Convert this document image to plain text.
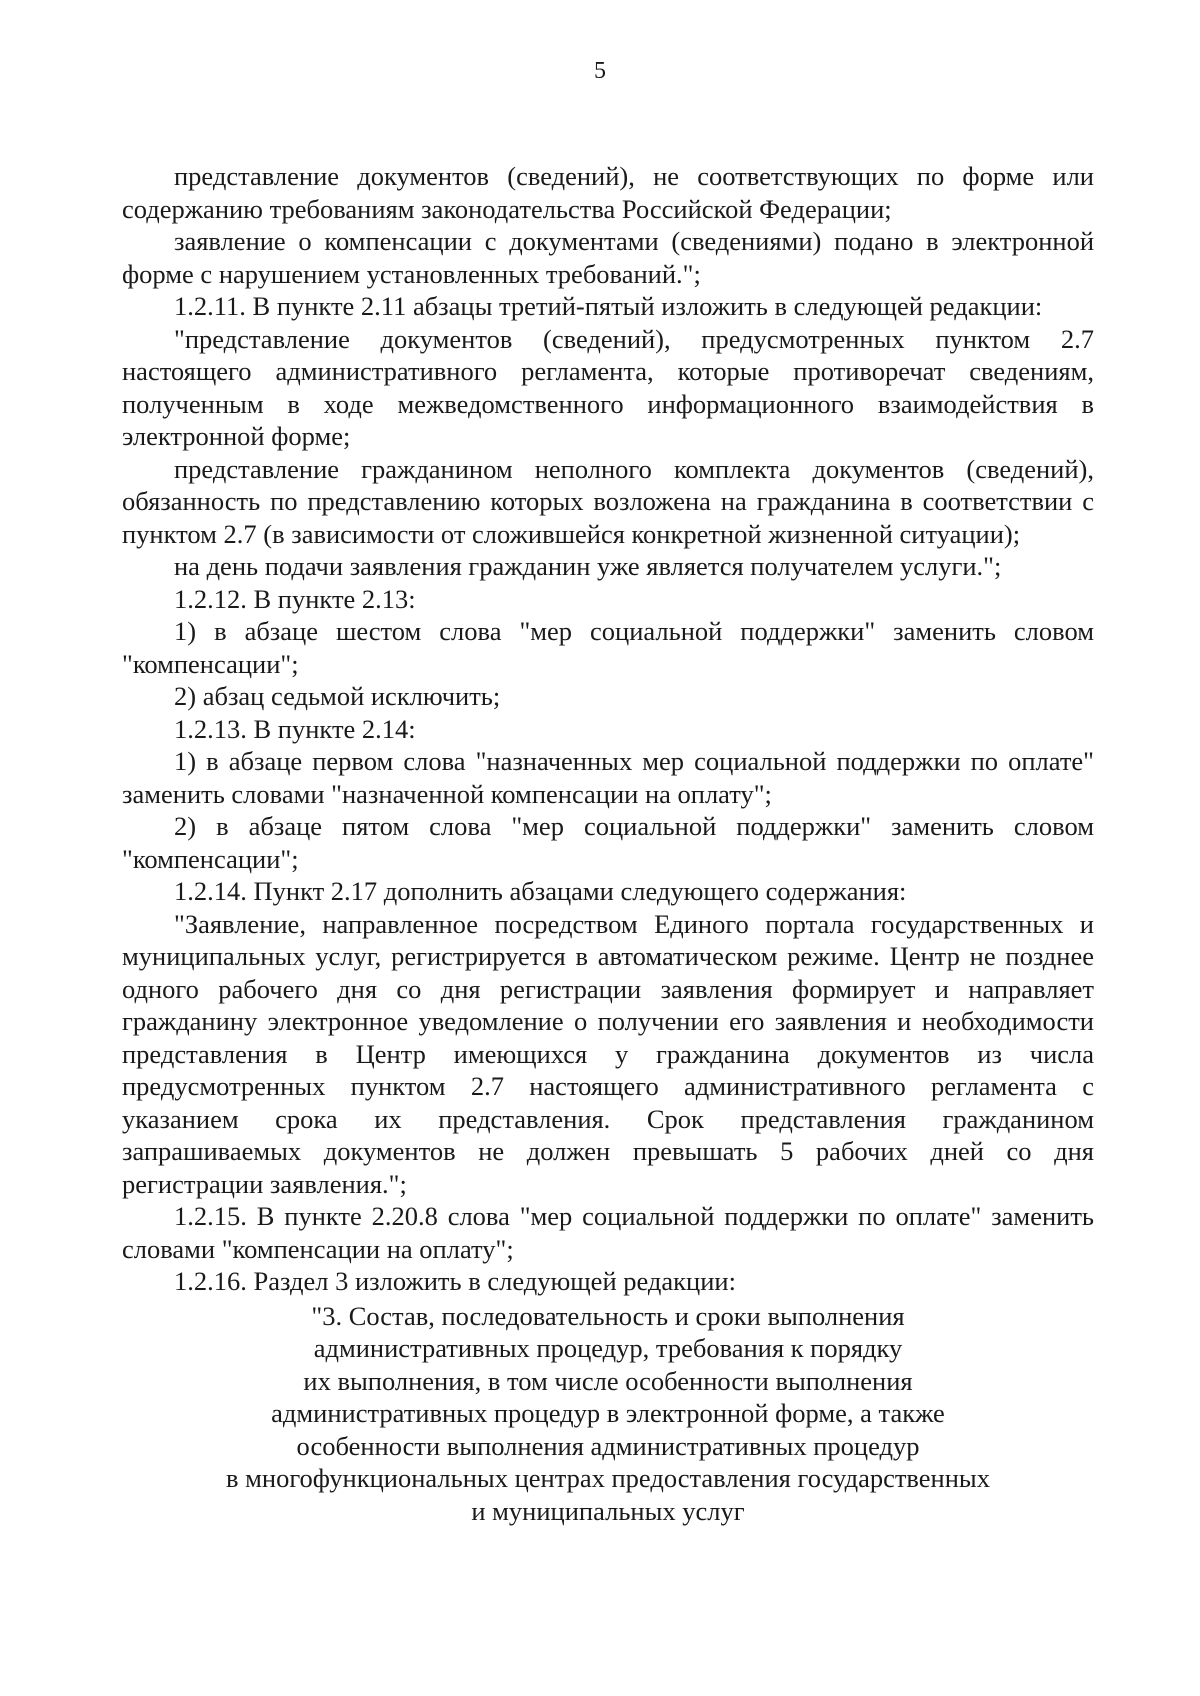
5

представление документов (сведений), не соответствующих по форме или содержанию требованиям законодательства Российской Федерации;

заявление о компенсации с документами (сведениями) подано в электронной форме с нарушением установленных требований.";

1.2.11. В пункте 2.11 абзацы третий-пятый изложить в следующей редакции:

"представление документов (сведений), предусмотренных пунктом 2.7 настоящего административного регламента, которые противоречат сведениям, полученным в ходе межведомственного информационного взаимодействия в электронной форме;

представление гражданином неполного комплекта документов (сведений), обязанность по представлению которых возложена на гражданина в соответствии с пунктом 2.7 (в зависимости от сложившейся конкретной жизненной ситуации);

на день подачи заявления гражданин уже является получателем услуги.";

1.2.12. В пункте 2.13:

1) в абзаце шестом слова "мер социальной поддержки" заменить словом "компенсации";

2) абзац седьмой исключить;

1.2.13. В пункте 2.14:

1) в абзаце первом слова "назначенных мер социальной поддержки по оплате" заменить словами "назначенной компенсации на оплату";

2) в абзаце пятом слова "мер социальной поддержки" заменить словом "компенсации";

1.2.14. Пункт 2.17 дополнить абзацами следующего содержания:

"Заявление, направленное посредством Единого портала государственных и муниципальных услуг, регистрируется в автоматическом режиме. Центр не позднее одного рабочего дня со дня регистрации заявления формирует и направляет гражданину электронное уведомление о получении его заявления и необходимости представления в Центр имеющихся у гражданина документов из числа предусмотренных пунктом 2.7 настоящего административного регламента с указанием срока их представления. Срок представления гражданином запрашиваемых документов не должен превышать 5 рабочих дней со дня регистрации заявления.";

1.2.15. В пункте 2.20.8 слова "мер социальной поддержки по оплате" заменить словами "компенсации на оплату";

1.2.16. Раздел 3 изложить в следующей редакции:

"3. Состав, последовательность и сроки выполнения
административных процедур, требования к порядку
их выполнения, в том числе особенности выполнения
административных процедур в электронной форме, а также
особенности выполнения административных процедур
в многофункциональных центрах предоставления государственных
и муниципальных услуг
